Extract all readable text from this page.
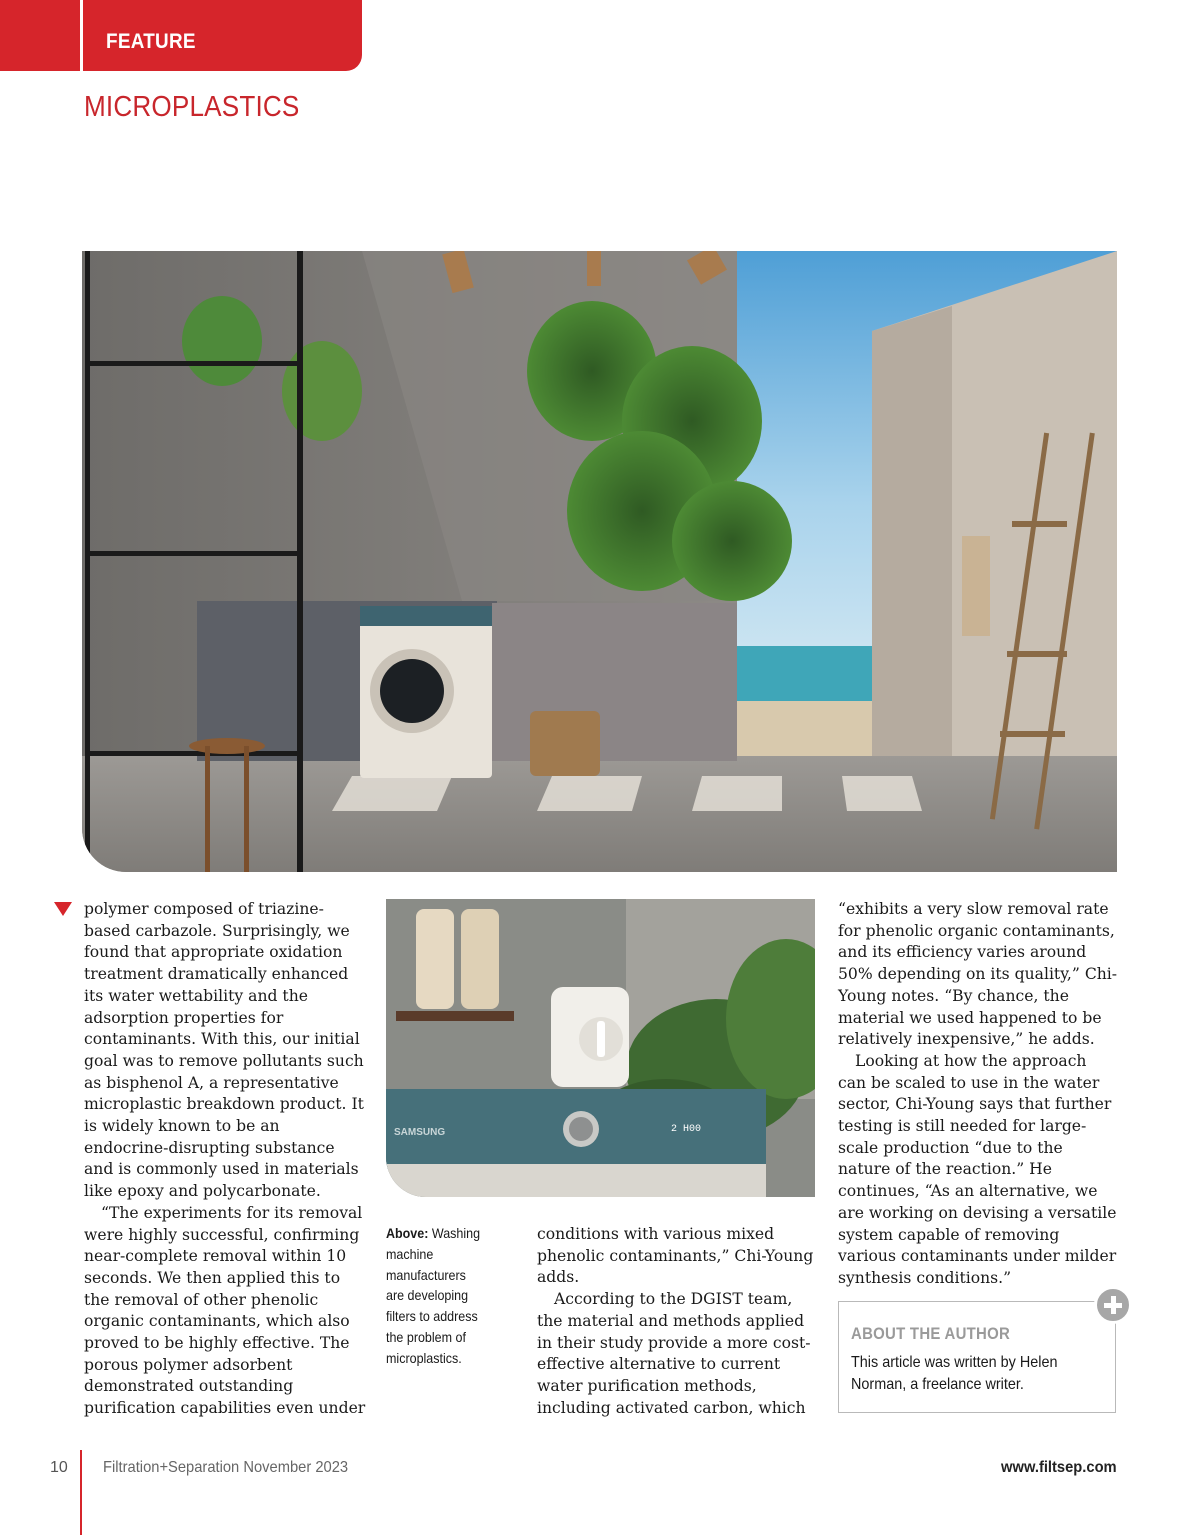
FEATURE
MICROPLASTICS

polymer composed of triazine-based carbazole. Surprisingly, we found that appropriate oxidation treatment dramatically enhanced its water wettability and the adsorption properties for contaminants. With this, our initial goal was to remove pollutants such as bisphenol A, a representative microplastic breakdown product. It is widely known to be an endocrine-disrupting substance and is commonly used in materials like epoxy and polycarbonate.

“The experiments for its removal were highly successful, confirming near-complete removal within 10 seconds. We then applied this to the removal of other phenolic organic contaminants, which also proved to be highly effective. The porous polymer adsorbent demonstrated outstanding purification capabilities even under

SAMSUNG	2 H00
Above: Washing machine manufacturers are developing filters to address the problem of microplastics.

conditions with various mixed phenolic contaminants,” Chi-Young adds.

According to the DGIST team, the material and methods applied in their study provide a more cost-effective alternative to current water purification methods, including activated carbon, which

“exhibits a very slow removal rate for phenolic organic contaminants, and its efficiency varies around 50% depending on its quality,” Chi-Young notes. “By chance, the material we used happened to be relatively inexpensive,” he adds.

Looking at how the approach can be scaled to use in the water sector, Chi-Young says that further testing is still needed for large-scale production “due to the nature of the reaction.” He continues, “As an alternative, we are working on devising a versatile system capable of removing various contaminants under milder synthesis conditions.”

ABOUT THE AUTHOR
This article was written by Helen Norman, a freelance writer.
10 Filtration+Separation November 2023	www.filtsep.com
